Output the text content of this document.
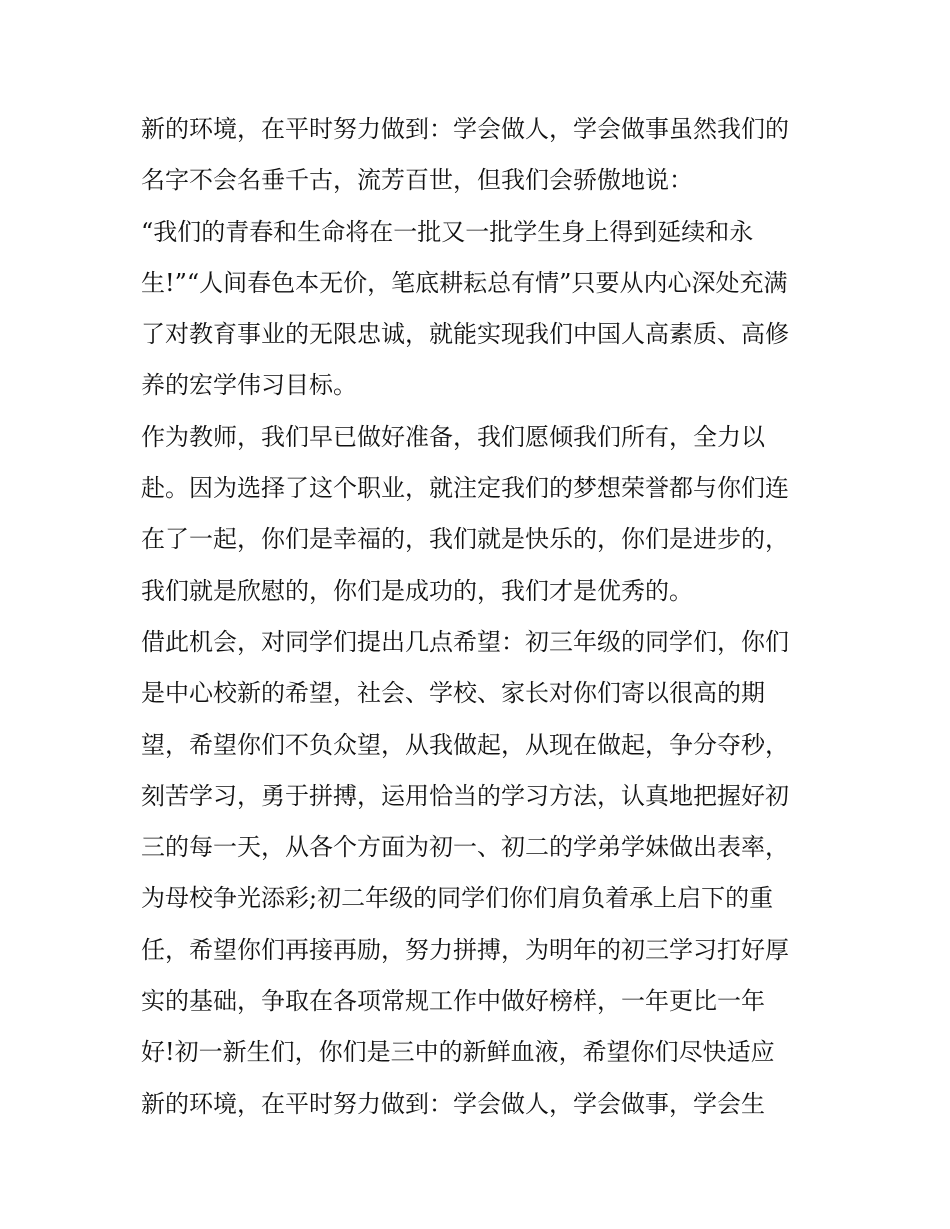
新的环境，在平时努力做到：学会做人，学会做事虽然我们的
名字不会名垂千古，流芳百世，但我们会骄傲地说：
“我们的青春和生命将在一批又一批学生身上得到延续和永
生!”“人间春色本无价，笔底耕耘总有情”只要从内心深处充满
了对教育事业的无限忠诚，就能实现我们中国人高素质、高修
养的宏学伟习目标。
作为教师，我们早已做好准备，我们愿倾我们所有，全力以
赴。因为选择了这个职业，就注定我们的梦想荣誉都与你们连
在了一起，你们是幸福的，我们就是快乐的，你们是进步的，
我们就是欣慰的，你们是成功的，我们才是优秀的。
借此机会，对同学们提出几点希望：初三年级的同学们，你们
是中心校新的希望，社会、学校、家长对你们寄以很高的期
望，希望你们不负众望，从我做起，从现在做起，争分夺秒，
刻苦学习，勇于拼搏，运用恰当的学习方法，认真地把握好初
三的每一天，从各个方面为初一、初二的学弟学妹做出表率，
为母校争光添彩;初二年级的同学们你们肩负着承上启下的重
任，希望你们再接再励，努力拼搏，为明年的初三学习打好厚
实的基础，争取在各项常规工作中做好榜样，一年更比一年
好!初一新生们，你们是三中的新鲜血液，希望你们尽快适应
新的环境，在平时努力做到：学会做人，学会做事，学会生
